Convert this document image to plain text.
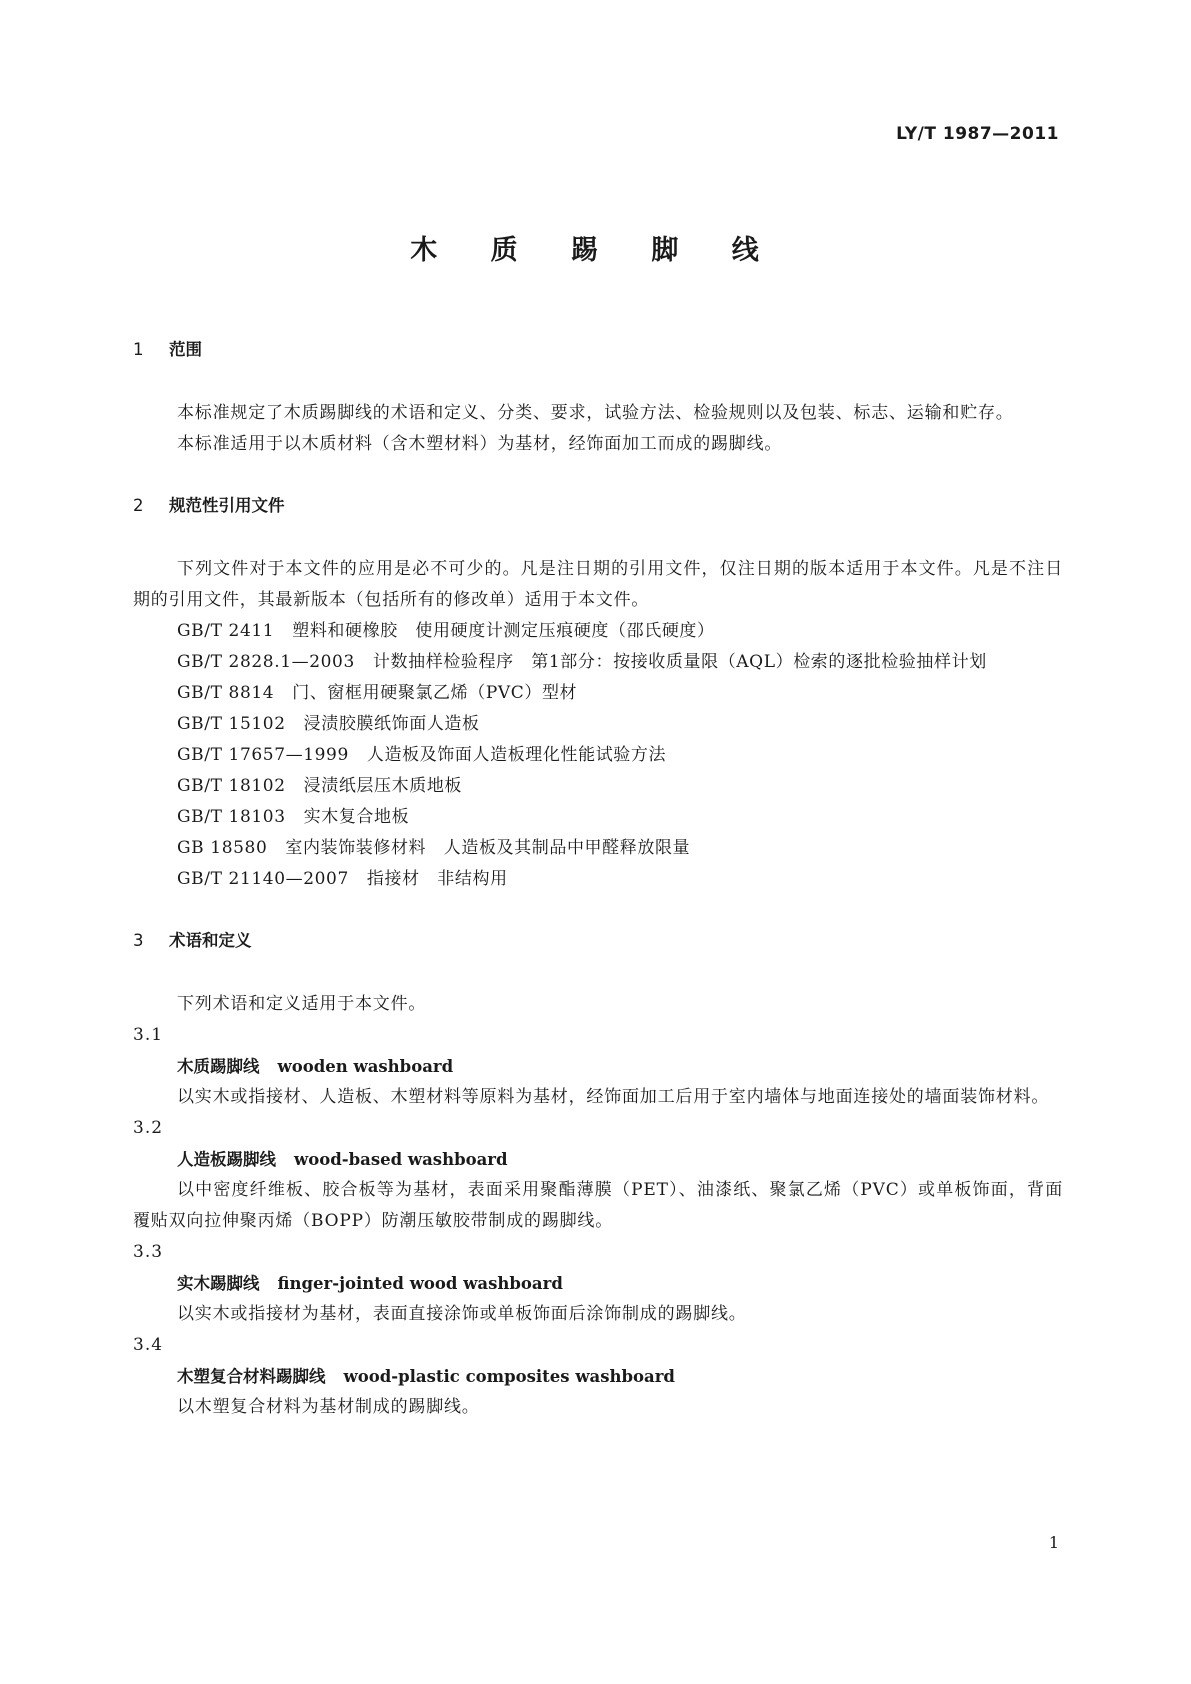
LY/T 1987—2011
木 质 踢 脚 线
1 范围

本标准规定了木质踢脚线的术语和定义、分类、要求，试验方法、检验规则以及包装、标志、运输和贮存。

本标准适用于以木质材料（含木塑材料）为基材，经饰面加工而成的踢脚线。

2 规范性引用文件

下列文件对于本文件的应用是必不可少的。凡是注日期的引用文件，仅注日期的版本适用于本文件。凡是不注日期的引用文件，其最新版本（包括所有的修改单）适用于本文件。

GB/T 2411 塑料和硬橡胶　使用硬度计测定压痕硬度（邵氏硬度）

GB/T 2828.1—2003 计数抽样检验程序　第1部分：按接收质量限（AQL）检索的逐批检验抽样计划

GB/T 8814 门、窗框用硬聚氯乙烯（PVC）型材

GB/T 15102 浸渍胶膜纸饰面人造板

GB/T 17657—1999 人造板及饰面人造板理化性能试验方法

GB/T 18102 浸渍纸层压木质地板

GB/T 18103 实木复合地板

GB 18580 室内装饰装修材料　人造板及其制品中甲醛释放限量

GB/T 21140—2007 指接材　非结构用

3 术语和定义

下列术语和定义适用于本文件。

3.1

木质踢脚线 wooden washboard

以实木或指接材、人造板、木塑材料等原料为基材，经饰面加工后用于室内墙体与地面连接处的墙面装饰材料。

3.2

人造板踢脚线 wood-based washboard

以中密度纤维板、胶合板等为基材，表面采用聚酯薄膜（PET）、油漆纸、聚氯乙烯（PVC）或单板饰面，背面覆贴双向拉伸聚丙烯（BOPP）防潮压敏胶带制成的踢脚线。

3.3

实木踢脚线 finger-jointed wood washboard

以实木或指接材为基材，表面直接涂饰或单板饰面后涂饰制成的踢脚线。

3.4

木塑复合材料踢脚线 wood-plastic composites washboard

以木塑复合材料为基材制成的踢脚线。

1
